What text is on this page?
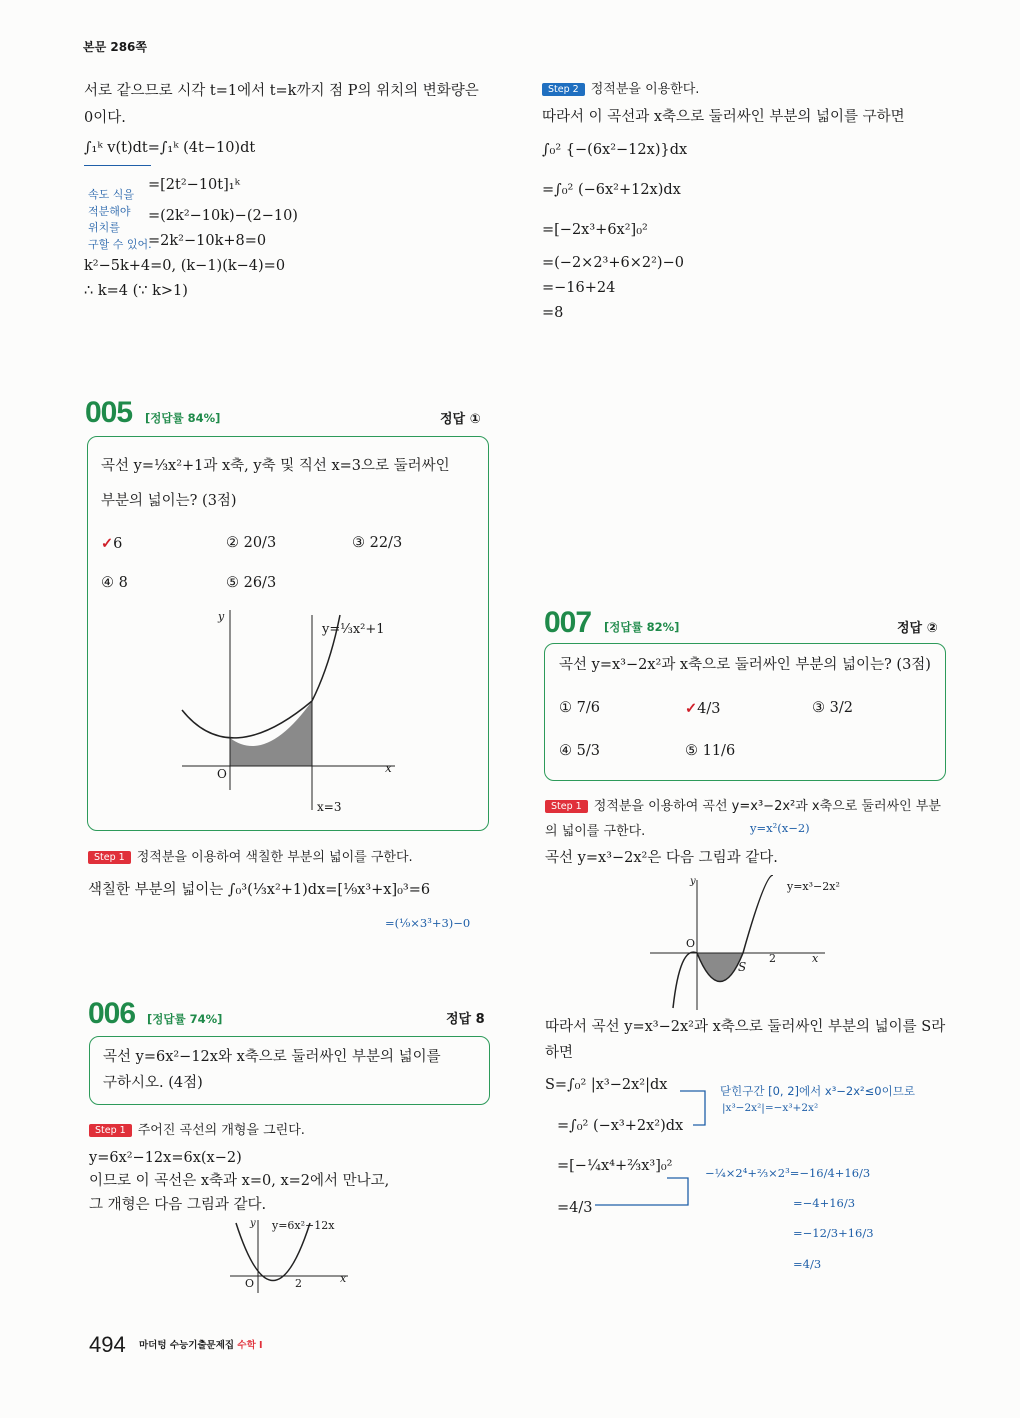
본문 286쪽
서로 같으므로 시각 t=1에서 t=k까지 점 P의 위치의 변화량은
0이다.
∫₁ᵏ v(t)dt=∫₁ᵏ (4t−10)dt
=[2t²−10t]₁ᵏ
=(2k²−10k)−(2−10)
=2k²−10k+8=0
k²−5k+4=0, (k−1)(k−4)=0
∴ k=4 (∵ k>1)
속도 식을
적분해야
위치를
구할 수 있어.
Step 2 정적분을 이용한다.
따라서 이 곡선과 x축으로 둘러싸인 부분의 넓이를 구하면
∫₀² {−(6x²−12x)}dx
=∫₀² (−6x²+12x)dx
=[−2x³+6x²]₀²
=(−2×2³+6×2²)−0
=−16+24
=8
005 [정답률 84%]	정답 ①
곡선 y=⅓x²+1과 x축, y축 및 직선 x=3으로 둘러싸인
부분의 넓이는? (3점)
✓6	② 20/3	③ 22/3
④ 8	⑤ 26/3
y
x
O
y=⅓x²+1
x=3
Step 1 정적분을 이용하여 색칠한 부분의 넓이를 구한다.
색칠한 부분의 넓이는 ∫₀³(⅓x²+1)dx=[⅑x³+x]₀³=6
=(⅑×3³+3)−0
006 [정답률 74%]	정답 8
곡선 y=6x²−12x와 x축으로 둘러싸인 부분의 넓이를
구하시오. (4점)
Step 1 주어진 곡선의 개형을 그린다.
y=6x²−12x=6x(x−2)
이므로 이 곡선은 x축과 x=0, x=2에서 만나고,
그 개형은 다음 그림과 같다.
y y=6x²−12x
O	2	x
007 [정답률 82%]	정답 ②
곡선 y=x³−2x²과 x축으로 둘러싸인 부분의 넓이는? (3점)
① 7/6	✓4/3	③ 3/2
④ 5/3	⑤ 11/6
Step 1 정적분을 이용하여 곡선 y=x³−2x²과 x축으로 둘러싸인 부분
의 넓이를 구한다.	y=x²(x−2)
곡선 y=x³−2x²은 다음 그림과 같다.
y	y=x³−2x²
O
S
2	x
따라서 곡선 y=x³−2x²과 x축으로 둘러싸인 부분의 넓이를 S라
하면
S=∫₀² |x³−2x²|dx
=∫₀² (−x³+2x²)dx
=[−¼x⁴+⅔x³]₀²
=4/3
닫힌구간 [0, 2]에서 x³−2x²≤0이므로
|x³−2x²|=−x³+2x²
−¼×2⁴+⅔×2³=−16/4+16/3
=−4+16/3
=−12/3+16/3
=4/3
494 마더텅 수능기출문제집 수학 I
